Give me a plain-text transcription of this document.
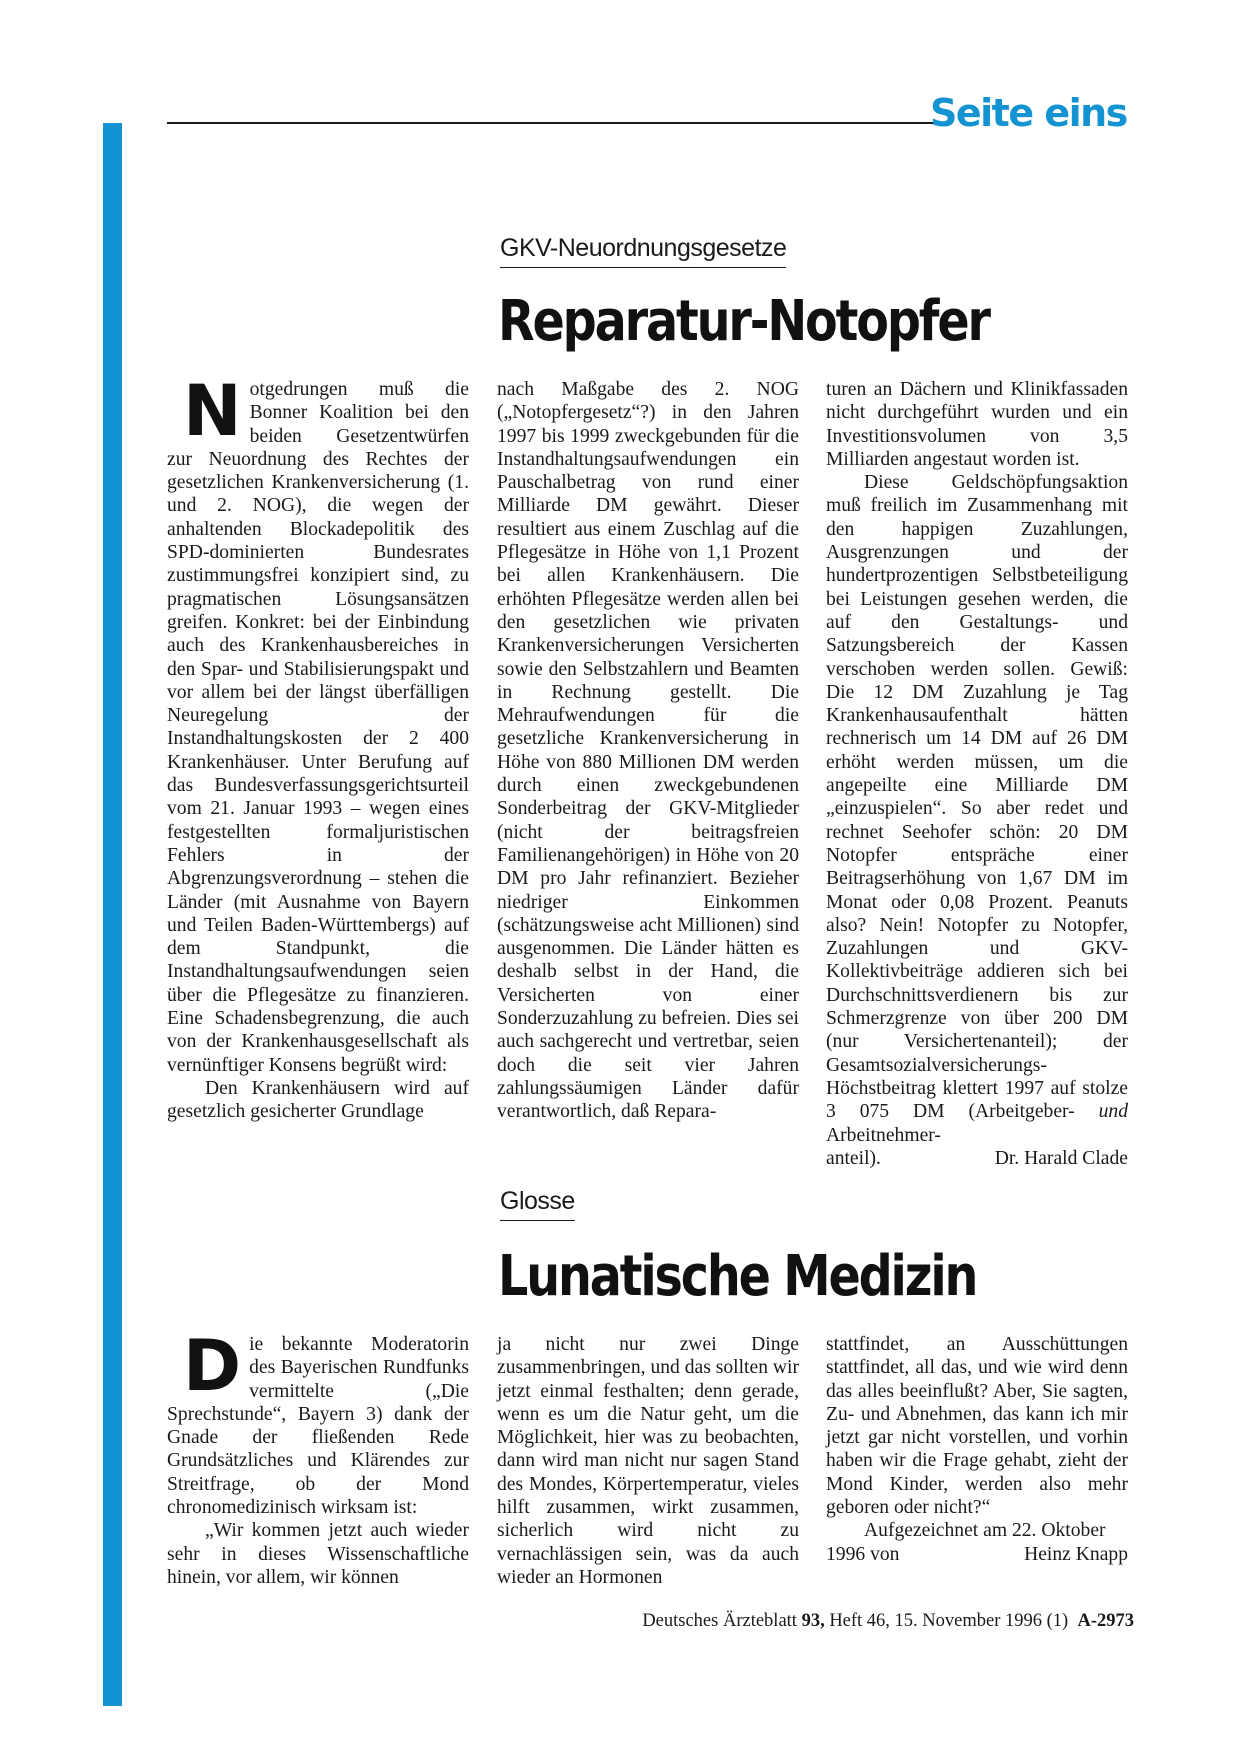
Seite eins
GKV-Neuordnungsgesetze
Reparatur-Notopfer
N otgedrungen muß die Bonner Koalition bei den beiden Gesetzentwürfen zur Neuordnung des Rechtes der gesetzlichen Krankenversicherung (1. und 2. NOG), die wegen der anhaltenden Blockadepolitik des SPD-dominierten Bundesrates zustimmungsfrei konzipiert sind, zu pragmatischen Lösungsansätzen greifen. Konkret: bei der Einbindung auch des Krankenhausbereiches in den Spar- und Stabilisierungspakt und vor allem bei der längst überfälligen Neuregelung der Instandhaltungskosten der 2 400 Krankenhäuser. Unter Berufung auf das Bundesverfassungsgerichtsurteil vom 21. Januar 1993 – wegen eines festgestellten formaljuristischen Fehlers in der Abgrenzungsverordnung – stehen die Länder (mit Ausnahme von Bayern und Teilen Baden-Württembergs) auf dem Standpunkt, die Instandhaltungsaufwendungen seien über die Pflegesätze zu finanzieren. Eine Schadensbegrenzung, die auch von der Krankenhausgesellschaft als vernünftiger Konsens begrüßt wird:

Den Krankenhäusern wird auf gesetzlich gesicherter Grundlage

nach Maßgabe des 2. NOG („Notopfergesetz“?) in den Jahren 1997 bis 1999 zweckgebunden für die Instandhaltungsaufwendungen ein Pauschalbetrag von rund einer Milliarde DM gewährt. Dieser resultiert aus einem Zuschlag auf die Pflegesätze in Höhe von 1,1 Prozent bei allen Krankenhäusern. Die erhöhten Pflegesätze werden allen bei den gesetzlichen wie privaten Krankenversicherungen Versicherten sowie den Selbstzahlern und Beamten in Rechnung gestellt. Die Mehraufwendungen für die gesetzliche Krankenversicherung in Höhe von 880 Millionen DM werden durch einen zweckgebundenen Sonderbeitrag der GKV-Mitglieder (nicht der beitragsfreien Familienangehörigen) in Höhe von 20 DM pro Jahr refinanziert. Bezieher niedriger Einkommen (schätzungsweise acht Millionen) sind ausgenommen. Die Länder hätten es deshalb selbst in der Hand, die Versicherten von einer Sonderzuzahlung zu befreien. Dies sei auch sachgerecht und vertretbar, seien doch die seit vier Jahren zahlungssäumigen Länder dafür verantwortlich, daß Repara-

turen an Dächern und Klinikfassaden nicht durchgeführt wurden und ein Investitionsvolumen von 3,5 Milliarden angestaut worden ist.

Diese Geldschöpfungsaktion muß freilich im Zusammenhang mit den happigen Zuzahlungen, Ausgrenzungen und der hundertprozentigen Selbstbeteiligung bei Leistungen gesehen werden, die auf den Gestaltungs- und Satzungsbereich der Kassen verschoben werden sollen. Gewiß: Die 12 DM Zuzahlung je Tag Krankenhausaufenthalt hätten rechnerisch um 14 DM auf 26 DM erhöht werden müssen, um die angepeilte eine Milliarde DM „einzuspielen“. So aber redet und rechnet Seehofer schön: 20 DM Notopfer entspräche einer Beitragserhöhung von 1,67 DM im Monat oder 0,08 Prozent. Peanuts also? Nein! Notopfer zu Notopfer, Zuzahlungen und GKV-Kollektivbeiträge addieren sich bei Durchschnittsverdienern bis zur Schmerzgrenze von über 200 DM (nur Versichertenanteil); der Gesamtsozialversicherungs-Höchstbeitrag klettert 1997 auf stolze 3 075 DM (Arbeitgeber- und Arbeitnehmer-

anteil).	Dr. Harald Clade
Glosse
Lunatische Medizin
D ie bekannte Moderatorin des Bayerischen Rundfunks vermittelte („Die Sprechstunde“, Bayern 3) dank der Gnade der fließenden Rede Grundsätzliches und Klärendes zur Streitfrage, ob der Mond chronomedizinisch wirksam ist:

„Wir kommen jetzt auch wieder sehr in dieses Wissenschaftliche hinein, vor allem, wir können

ja nicht nur zwei Dinge zusammenbringen, und das sollten wir jetzt einmal festhalten; denn gerade, wenn es um die Natur geht, um die Möglichkeit, hier was zu beobachten, dann wird man nicht nur sagen Stand des Mondes, Körpertemperatur, vieles hilft zusammen, wirkt zusammen, sicherlich wird nicht zu vernachlässigen sein, was da auch wieder an Hormonen

stattfindet, an Ausschüttungen stattfindet, all das, und wie wird denn das alles beeinflußt? Aber, Sie sagten, Zu- und Abnehmen, das kann ich mir jetzt gar nicht vorstellen, und vorhin haben wir die Frage gehabt, zieht der Mond Kinder, werden also mehr geboren oder nicht?“

Aufgezeichnet am 22. Oktober 1996 von	Heinz Knapp

Deutsches Ärzteblatt 93, Heft 46, 15. November 1996 (1) A-2973
